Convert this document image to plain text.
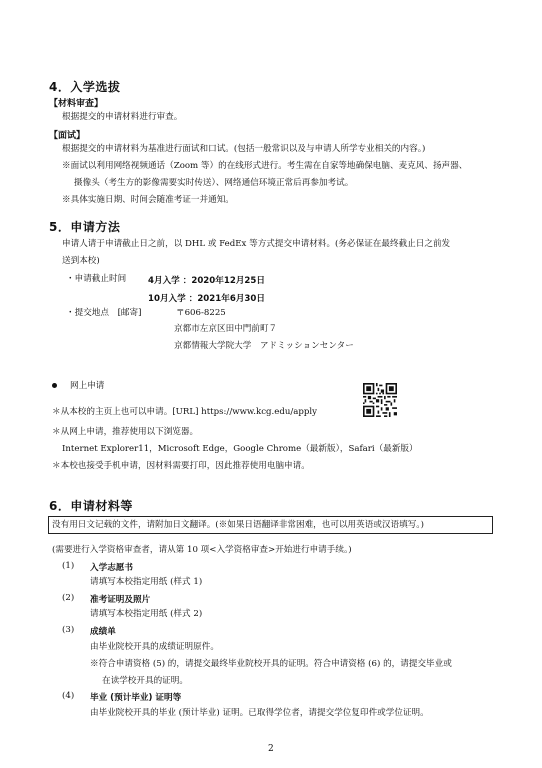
4．入学选拔
【材料审查】
根据提交的申请材料进行审查。
【面试】
根据提交的申请材料为基准进行面试和口试。(包括一般常识以及与申请人所学专业相关的内容。)
※面试以利用网络视频通话（Zoom 等）的在线形式进行。考生需在自家等地确保电脑、麦克风、扬声器、
摄像头（考生方的影像需要实时传送）、网络通信环境正常后再参加考试。
※具体实施日期、时间会随准考证一并通知。
5．申请方法
申请人请于申请截止日之前，以 DHL 或 FedEx 等方式提交申请材料。(务必保证在最终截止日之前发
送到本校)
・申请截止时间	4月入学 ：2020年12月25日
10月入学 ：2021年6月30日
・提交地点　[邮寄]	〒606-8225
京都市左京区田中門前町７
京都情報大学院大学　アドミッションセンター
网上申请
＊从本校的主页上也可以申请。[URL] https://www.kcg.edu/apply
＊从网上申请，推荐使用以下浏览器。
Internet Explorer11，Microsoft Edge，Google Chrome（最新版），Safari（最新版）
＊本校也接受手机申请，因材料需要打印，因此推荐使用电脑申请。
6．申请材料等
没有用日文记载的文件，请附加日文翻译。(※如果日语翻译非常困难，也可以用英语或汉语填写。)
(需要进行入学资格审查者，请从第 10 项<入学资格审查>开始进行申请手续。)
(1) 入学志愿书
请填写本校指定用纸 (样式 1)
(2) 准考证明及照片
请填写本校指定用纸 (样式 2)
(3) 成绩单
由毕业院校开具的成绩证明原件。
※符合申请资格 (5) 的，请提交最终毕业院校开具的证明。符合申请资格 (6) 的，请提交毕业或
在读学校开具的证明。
(4) 毕业 (预计毕业) 证明等
由毕业院校开具的毕业 (预计毕业) 证明。已取得学位者，请提交学位复印件或学位证明。
2
